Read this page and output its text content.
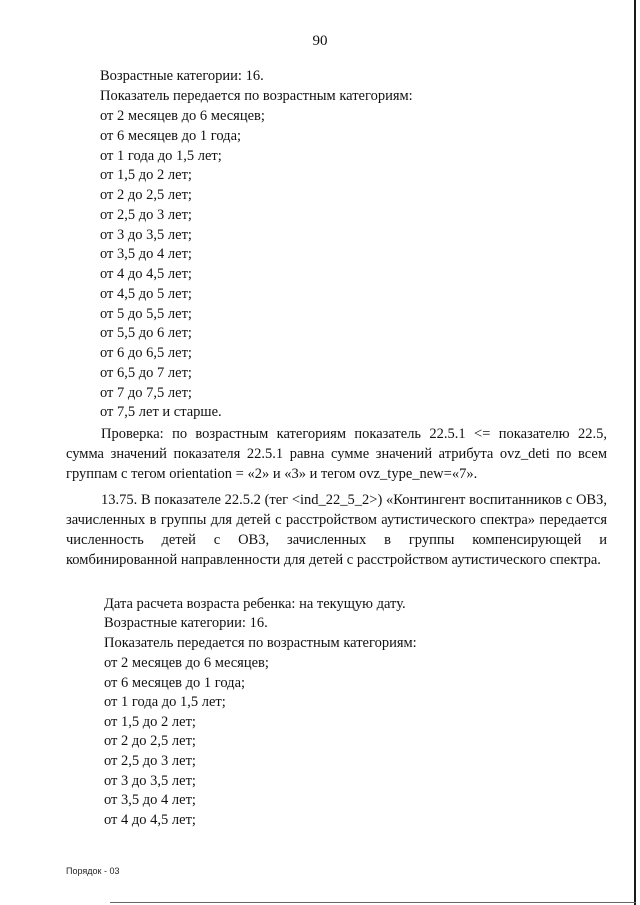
90
Возрастные категории: 16.
Показатель передается по возрастным категориям:
от 2 месяцев до 6 месяцев;
от 6 месяцев до 1 года;
от 1 года до 1,5 лет;
от 1,5 до 2 лет;
от 2 до 2,5 лет;
от 2,5 до 3 лет;
от 3 до 3,5 лет;
от 3,5 до 4 лет;
от 4 до 4,5 лет;
от 4,5 до 5 лет;
от 5 до 5,5 лет;
от 5,5 до 6 лет;
от 6 до 6,5 лет;
от 6,5 до 7 лет;
от 7 до 7,5 лет;
от 7,5 лет и старше.
Проверка: по возрастным категориям показатель 22.5.1 <= показателю 22.5, сумма значений показателя 22.5.1 равна сумме значений атрибута ovz_deti по всем группам с тегом orientation = «2» и «3» и тегом ovz_type_new=«7».
13.75. В показателе 22.5.2 (тег <ind_22_5_2>) «Контингент воспитанников с ОВЗ, зачисленных в группы для детей с расстройством аутистического спектра» передается численность детей с ОВЗ, зачисленных в группы компенсирующей и комбинированной направленности для детей с расстройством аутистического спектра.
Дата расчета возраста ребенка: на текущую дату.
Возрастные категории: 16.
Показатель передается по возрастным категориям:
от 2 месяцев до 6 месяцев;
от 6 месяцев до 1 года;
от 1 года до 1,5 лет;
от 1,5 до 2 лет;
от 2 до 2,5 лет;
от 2,5 до 3 лет;
от 3 до 3,5 лет;
от 3,5 до 4 лет;
от 4 до 4,5 лет;
Порядок - 03
